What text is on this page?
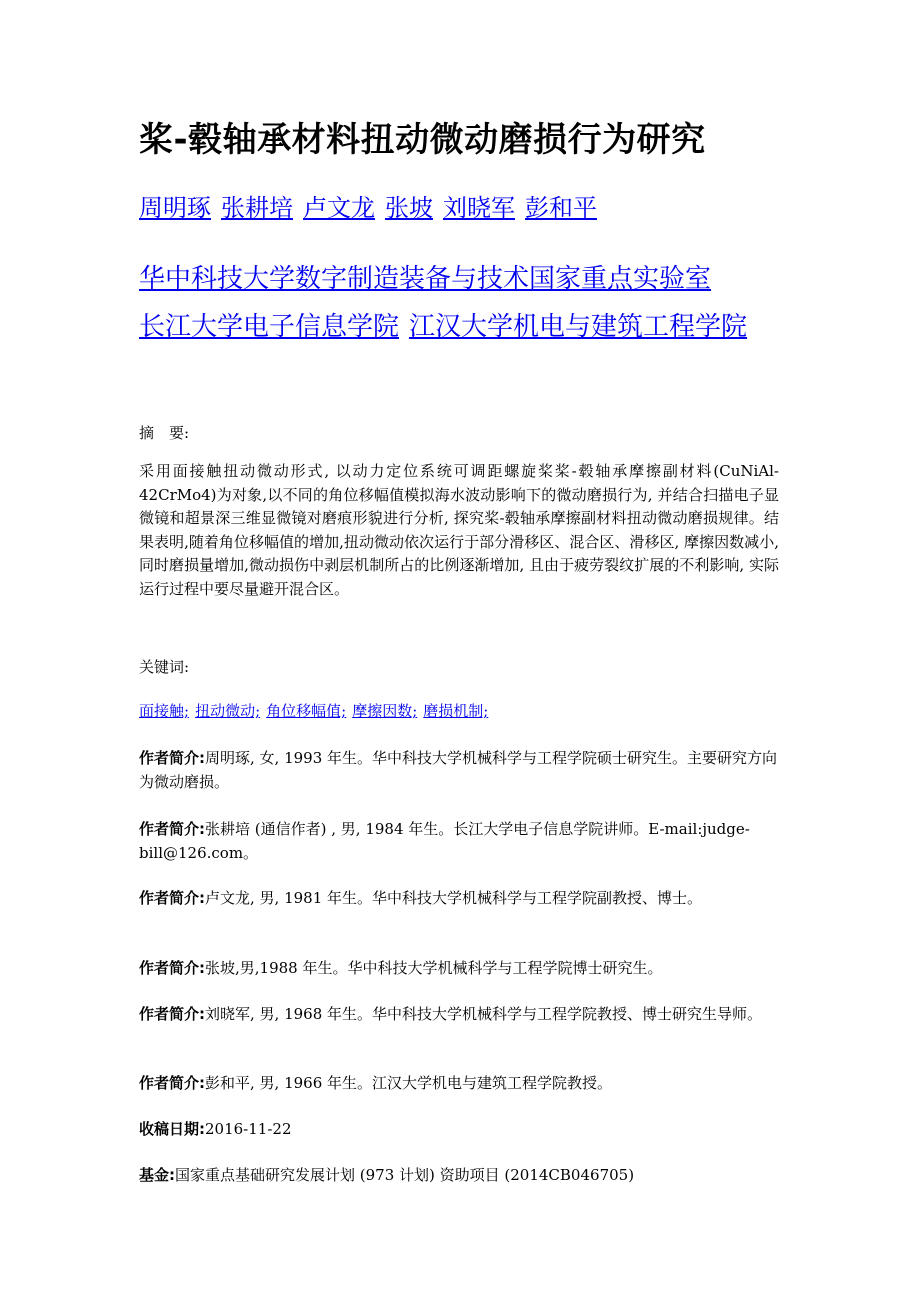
桨-毂轴承材料扭动微动磨损行为研究
周明琢 张耕培 卢文龙 张坡 刘晓军 彭和平
华中科技大学数字制造装备与技术国家重点实验室
长江大学电子信息学院 江汉大学机电与建筑工程学院
摘　要:
采用面接触扭动微动形式, 以动力定位系统可调距螺旋桨桨-毂轴承摩擦副材料(CuNiAl-42CrMo4)为对象,以不同的角位移幅值模拟海水波动影响下的微动磨损行为, 并结合扫描电子显微镜和超景深三维显微镜对磨痕形貌进行分析, 探究桨-毂轴承摩擦副材料扭动微动磨损规律。结果表明,随着角位移幅值的增加,扭动微动依次运行于部分滑移区、混合区、滑移区, 摩擦因数减小, 同时磨损量增加,微动损伤中剥层机制所占的比例逐渐增加, 且由于疲劳裂纹扩展的不利影响, 实际运行过程中要尽量避开混合区。
关键词:
面接触; 扭动微动; 角位移幅值; 摩擦因数; 磨损机制;
作者简介:周明琢, 女, 1993 年生。华中科技大学机械科学与工程学院硕士研究生。主要研究方向为微动磨损。
作者简介:张耕培 (通信作者) , 男, 1984 年生。长江大学电子信息学院讲师。E-mail:judge-bill@126.com。
作者简介:卢文龙, 男, 1981 年生。华中科技大学机械科学与工程学院副教授、博士。
作者简介:张坡,男,1988 年生。华中科技大学机械科学与工程学院博士研究生。
作者简介:刘晓军, 男, 1968 年生。华中科技大学机械科学与工程学院教授、博士研究生导师。
作者简介:彭和平, 男, 1966 年生。江汉大学机电与建筑工程学院教授。
收稿日期:2016-11-22
基金:国家重点基础研究发展计划 (973 计划) 资助项目 (2014CB046705)
